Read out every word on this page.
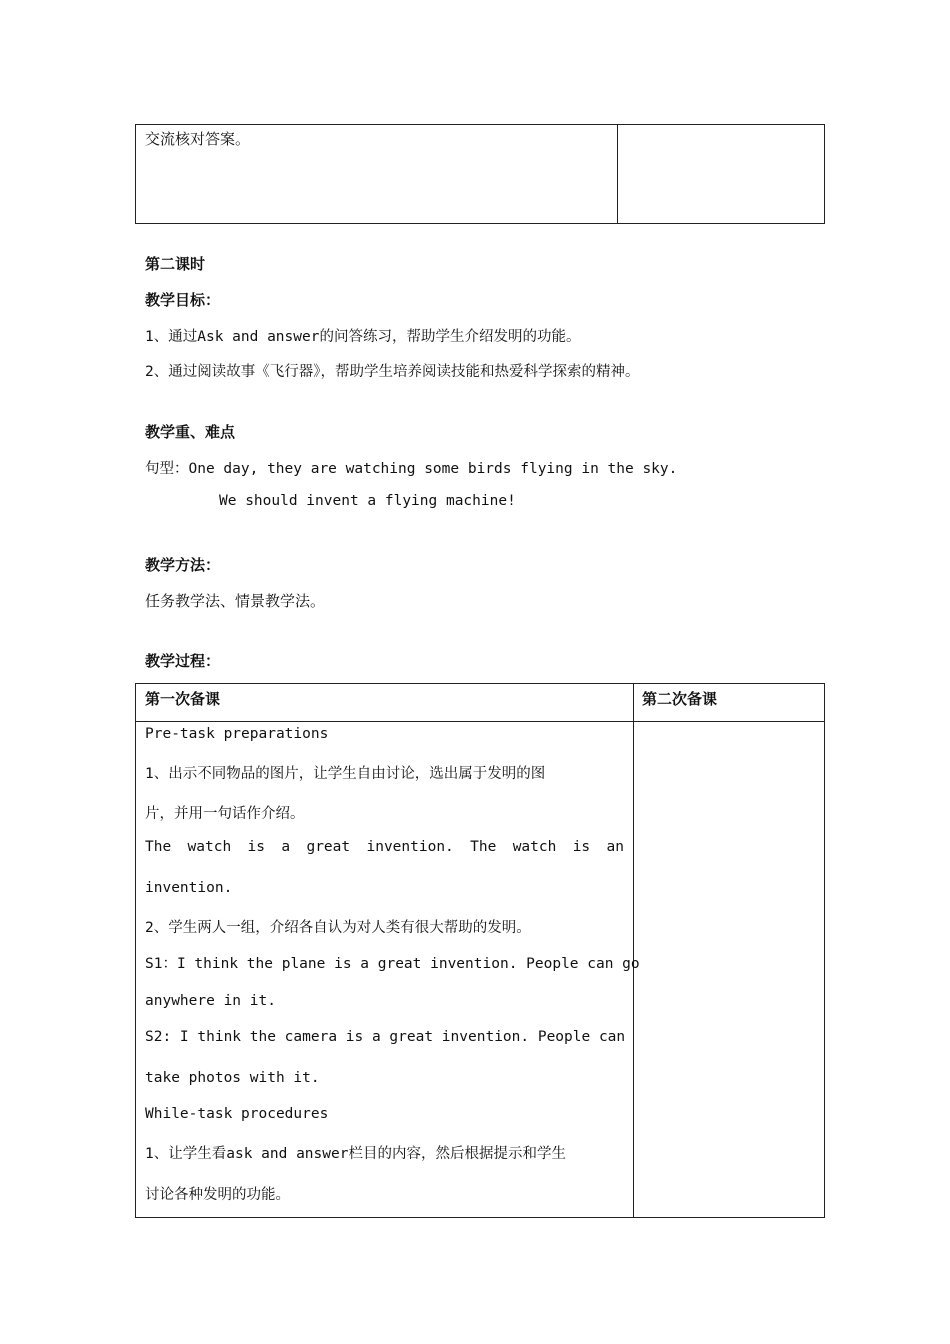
交流核对答案。
第二课时
教学目标：
1、通过Ask and answer的问答练习，帮助学生介绍发明的功能。
2、通过阅读故事《飞行器》，帮助学生培养阅读技能和热爱科学探索的精神。
教学重、难点
句型：One day, they are watching some birds flying in the sky.
We should invent a flying machine!
教学方法：
任务教学法、情景教学法。
教学过程：
第一次备课	第二次备课
Pre-task preparations
1、出示不同物品的图片，让学生自由讨论，选出属于发明的图
片，并用一句话作介绍。
The watch is a great invention. The watch is an
invention.
2、学生两人一组，介绍各自认为对人类有很大帮助的发明。
S1：I think the plane is a great invention. People can go
anywhere in it.
S2: I think the camera is a great invention. People can
take photos with it.
While-task procedures
1、让学生看ask and answer栏目的内容，然后根据提示和学生
讨论各种发明的功能。
